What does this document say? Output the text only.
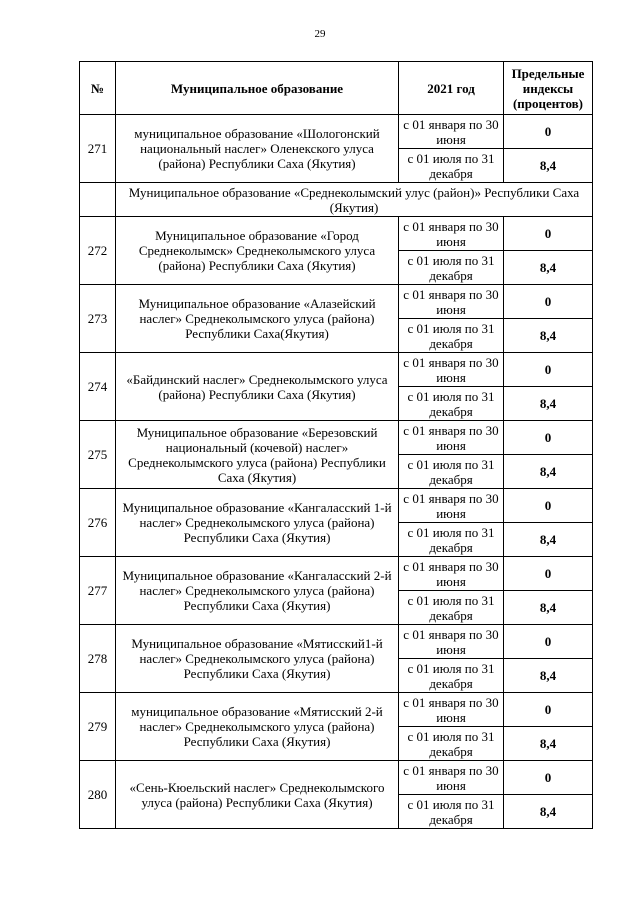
29
№	Муниципальное образование	2021 год	Предельные индексы (процентов)
271	муниципальное образование «Шологонский национальный наслег» Оленекского улуса (района) Республики Саха (Якутия)	с 01 января по 30 июня	0
		с 01 июля по 31 декабря	8,4
	Муниципальное образование «Среднеколымский улус (район)» Республики Саха (Якутия)		
272	Муниципальное образование «Город Среднеколымск» Среднеколымского улуса (района) Республики Саха (Якутия)	с 01 января по 30 июня	0
		с 01 июля по 31 декабря	8,4
273	Муниципальное образование «Алазейский наслег» Среднеколымского улуса (района) Республики Саха(Якутия)	с 01 января по 30 июня	0
		с 01 июля по 31 декабря	8,4
274	«Байдинский наслег» Среднеколымского улуса (района) Республики Саха (Якутия)	с 01 января по 30 июня	0
		с 01 июля по 31 декабря	8,4
275	Муниципальное образование «Березовский национальный (кочевой) наслег» Среднеколымского улуса (района) Республики Саха (Якутия)	с 01 января по 30 июня	0
		с 01 июля по 31 декабря	8,4
276	Муниципальное образование «Кангаласский 1-й наслег» Среднеколымского улуса (района) Республики Саха (Якутия)	с 01 января по 30 июня	0
		с 01 июля по 31 декабря	8,4
277	Муниципальное образование «Кангаласский 2-й наслег» Среднеколымского улуса (района) Республики Саха (Якутия)	с 01 января по 30 июня	0
		с 01 июля по 31 декабря	8,4
278	Муниципальное образование «Мятисский1-й наслег» Среднеколымского улуса (района) Республики Саха (Якутия)	с 01 января по 30 июня	0
		с 01 июля по 31 декабря	8,4
279	муниципальное образование «Мятисский 2-й наслег» Среднеколымского улуса (района) Республики Саха (Якутия)	с 01 января по 30 июня	0
		с 01 июля по 31 декабря	8,4
280	«Сень-Кюельский наслег» Среднеколымского улуса (района) Республики Саха (Якутия)	с 01 января по 30 июня	0
		с 01 июля по 31 декабря	8,4
